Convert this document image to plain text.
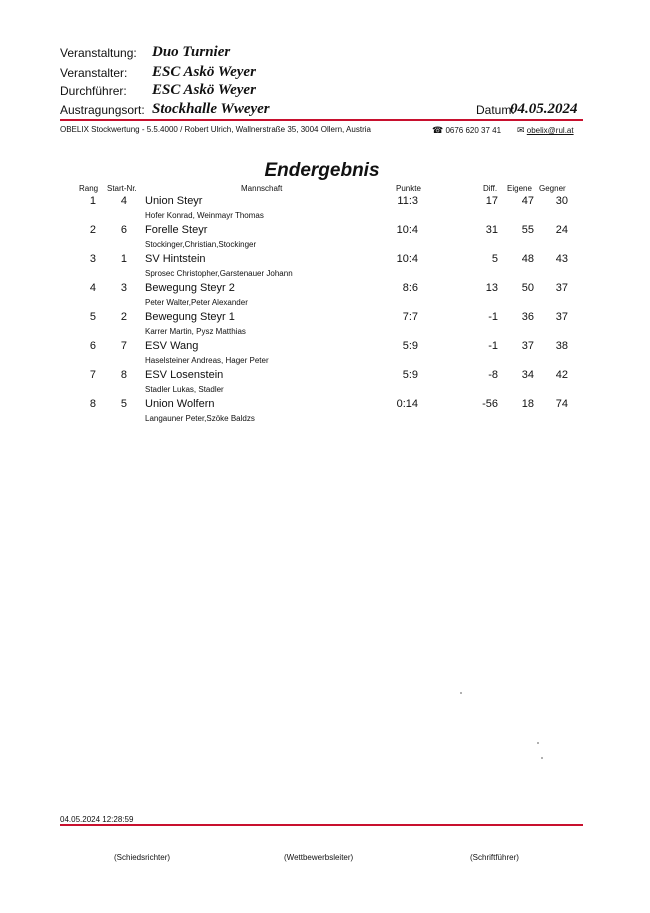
Veranstaltung: Duo Turnier
Veranstalter: ESC Askö Weyer
Durchführer: ESC Askö Weyer
Austragungsort: Stockhalle Wweyer	Datum:
04.05.2024
OBELIX Stockwertung - 5.5.4000 / Robert Ulrich, Wallnerstraße 35, 3004 Ollern, Austria	☎ 0676 620 37 41 ✉ obelix@rul.at
Endergebnis
Rang Start-Nr.	Mannschaft	Punkte	Diff. Eigene Gegner
1	4 Union Steyr	11:3	17	47	30
Hofer Konrad, Weinmayr Thomas
2	6 Forelle Steyr	10:4	31	55	24
Stockinger,Christian,Stockinger
3	1 SV Hintstein	10:4	5	48	43
Sprosec Christopher,Garstenauer Johann
4	3 Bewegung Steyr 2	8:6	13	50	37
Peter Walter,Peter Alexander
5	2 Bewegung Steyr 1	7:7	-1	36	37
Karrer Martin, Pysz Matthias
6	7 ESV Wang	5:9	-1	37	38
Haselsteiner Andreas, Hager Peter
7	8 ESV Losenstein	5:9	-8	34	42
Stadler Lukas, Stadler
8	5 Union Wolfern	0:14	-56	18	74
Langauner Peter,Szöke Baldzs
04.05.2024 12:28:59
(Schiedsrichter)	(Wettbewerbsleiter)	(Schriftführer)
